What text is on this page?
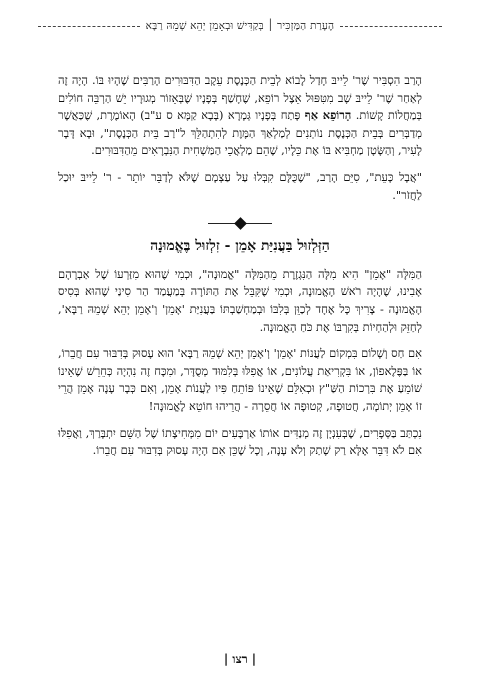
הֶעָרַת הַמַּזְכִּיר ׀ בְּקַדִּישׁ וּבְאָמֵן יְהֵא שְׁמֵהּ רַבָּא

הָרַב הִסְבִּיר שֶׁר' לֵייבּ חָדַל לָבוֹא לְבֵית הַכְּנֶסֶת עֵקֶב הַדִּבּוּרִים הָרַבִּים שֶׁהָיוּ בּוֹ. הָיָה זֶה לְאַחַר שֶׁר' לֵייבּ שָׁב מִטִּפּוּל אֵצֶל רוֹפֵא, שֶׁחָשַׁף בְּפָנָיו שֶׁבְּאֵזוֹר מְגוּרָיו יֵשׁ הַרְבֵּה חוֹלִים בְּמַחֲלוֹת קָשׁוֹת. הָרוֹפֵא אַף פָּתַח בְּפָנָיו גְּמָרָא (בָּבָא קַמָּא ס ע"ב) הָאוֹמֶרֶת, שֶׁכַּאֲשֶׁר מְדַבְּרִים בְּבֵית הַכְּנֶסֶת נוֹתְנִים לְמַלְאַךְ הַמָּוֶת לְהִתְהַלֵּךְ ל"רַב בֵּית הַכְּנֶסֶת", וּבָא דָּבָר לָעִיר, וְהַשָּׂטָן מַחְבִּיא בּוֹ אֶת כֵּלָיו, שֶׁהֵם מַלְאֲכֵי הַמַּשְׁחִית הַנִּבְרָאִים מֵהַדִּבּוּרִים.

"אֲבָל כָּעֵת", סִיֵּם הָרַב, "שֶׁכֻּלָּם קִבְּלוּ עַל עַצְמָם שֶׁלֹּא לְדַבֵּר יוֹתֵר - ר' לֵייבּ יוּכַל לַחֲזֹר".

הַזְּלְזוּל בַּעֲנִיַּת אָמֵן - זִלְזוּל בֶּאֱמוּנָה

הַמִּלָּה "אָמֵן" הִיא מִלָּה הַנִּגְזֶרֶת מֵהַמִּלָּה "אֱמוּנָה", וּכְמִי שֶׁהוּא מִזַּרְעוֹ שֶׁל אַבְרָהָם אָבִינוּ, שֶׁהָיָה רֹאשׁ הָאֱמוּנָה, וּכְמִי שֶׁקִּבֵּל אֶת הַתּוֹרָה בְּמַעֲמַד הַר סִינַי שֶׁהוּא בְּסִיס הָאֱמוּנָה - צָרִיךְ כָּל אֶחָד לְכַוֵּן בְּלִבּוֹ וּבְמַחְשַׁבְתּוֹ בַּעֲנִיַּת 'אָמֵן' וְ'אָמֵן יְהֵא שְׁמֵהּ רַבָּא', לְחַזֵּק וּלְהַחְיוֹת בְּקִרְבּוֹ אֶת כֹּחַ הָאֱמוּנָה.

אִם חַס וְשָׁלוֹם בִּמְקוֹם לַעֲנוֹת 'אָמֵן' וְ'אָמֵן יְהֵא שְׁמֵהּ רַבָּא' הוּא עָסוּק בְּדִבּוּר עִם חֲבֵרוֹ, אוֹ בַּפֶּלֶאפוֹן, אוֹ בִּקְרִיאַת עֲלוֹנִים, אוֹ אֲפִלּוּ בְּלִמּוּד מְסֻדָּר, וּמִכָּח זֶה נִהְיָה כְּחֵרֵשׁ שֶׁאֵינוֹ שׁוֹמֵעַ אֶת בִּרְכוֹת הַשַּׁ"ץ וּכְאִלֵּם שֶׁאֵינוֹ פּוֹתֵחַ פִּיו לַעֲנוֹת אָמֵן, וְאִם כְּבָר עָנָה אָמֵן הֲרֵי זוֹ אָמֵן יְתוֹמָה, חֲטוּפָה, קְטוּפָה אוֹ חֲסֵרָה - הֲרֵיהוּ חוֹטֵא לֶאֱמוּנָה!

נִכְתַּב בַּסְּפָרִים, שֶׁבְּעִנְיָן זֶה מְנַדִּים אוֹתוֹ אַרְבָּעִים יוֹם מִמְּחִיצָתוֹ שֶׁל הַשֵּׁם יִתְבָּרַךְ, וַאֲפִלּוּ אִם לֹא דִּבֵּר אֶלָּא רַק שָׁתַק וְלֹא עָנָה, וְכָל שֶׁכֵּן אִם הָיָה עָסוּק בְּדִבּוּר עִם חֲבֵרוֹ.

| רצו |
